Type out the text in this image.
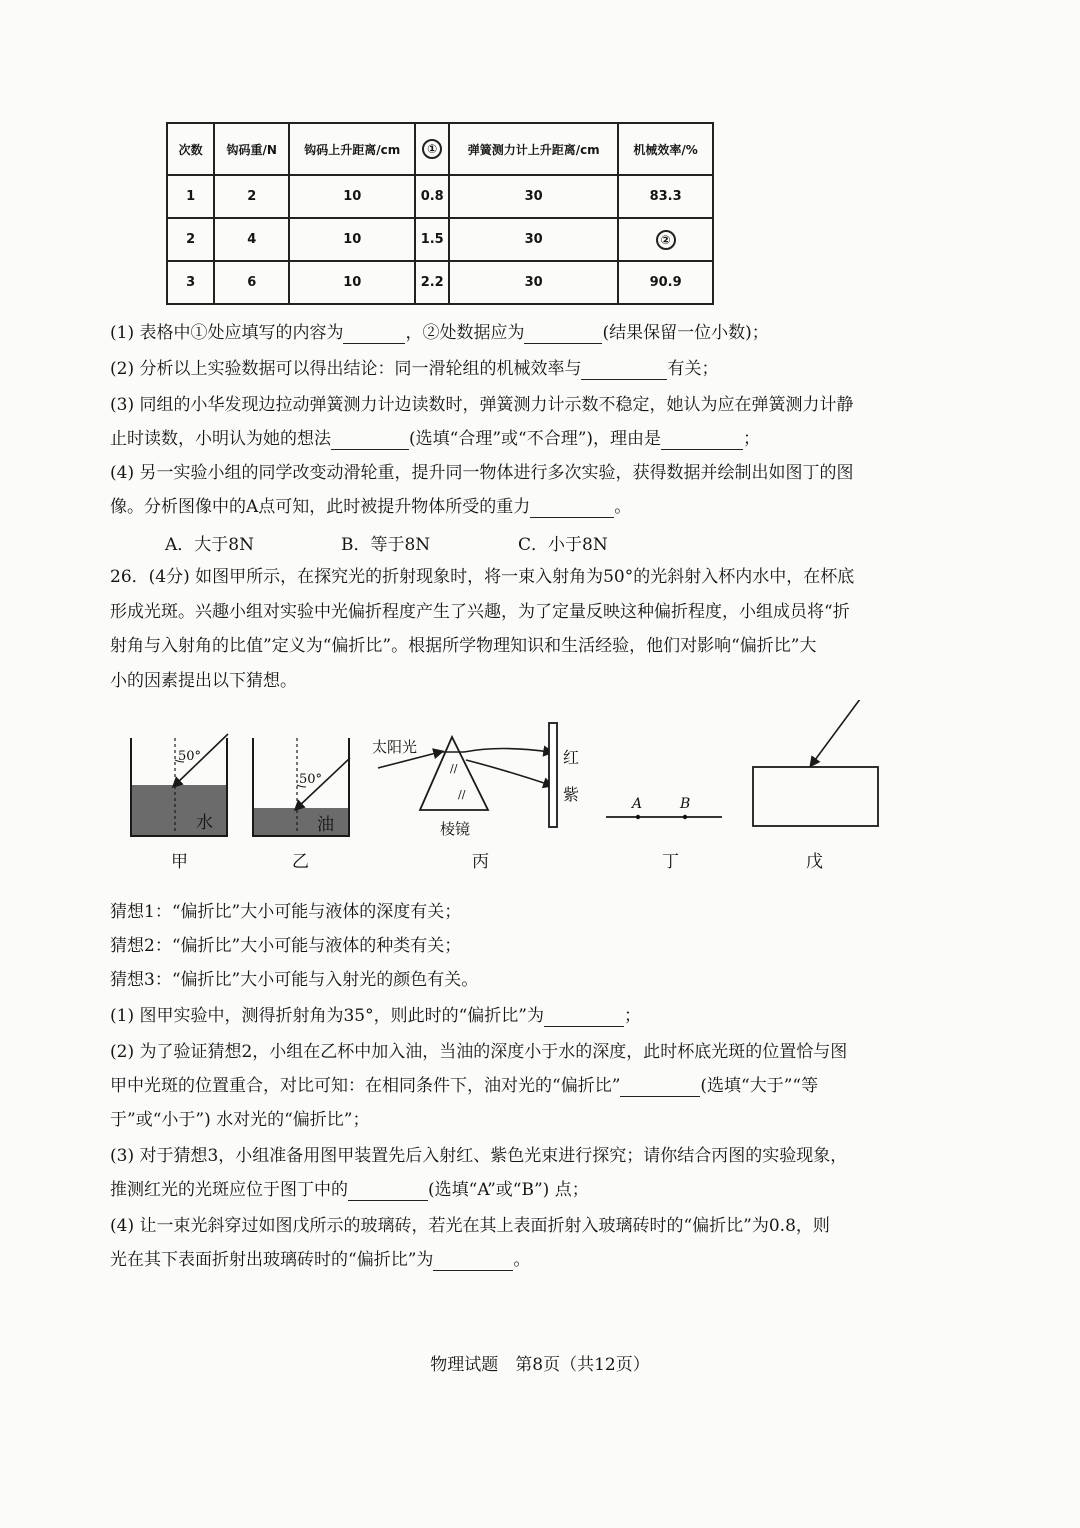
次数	钩码重/N	钩码上升距离/cm	①	弹簧测力计上升距离/cm	机械效率/%
1	2	10	0.8	30	83.3
2	4	10	1.5	30	②
3	6	10	2.2	30	90.9
(1) 表格中①处应填写的内容为	，②处数据应为	(结果保留一位小数)；
(2) 分析以上实验数据可以得出结论：同一滑轮组的机械效率与	有关；
(3) 同组的小华发现边拉动弹簧测力计边读数时，弹簧测力计示数不稳定，她认为应在弹簧测力计静
止时读数，小明认为她的想法	(选填“合理”或“不合理”)，理由是	；
(4) 另一实验小组的同学改变动滑轮重，提升同一物体进行多次实验，获得数据并绘制出如图丁的图
像。分析图像中的A点可知，此时被提升物体所受的重力	。
A．大于8N	B．等于8N	C．小于8N
26．(4分) 如图甲所示，在探究光的折射现象时，将一束入射角为50°的光斜射入杯内水中，在杯底
形成光斑。兴趣小组对实验中光偏折程度产生了兴趣，为了定量反映这种偏折程度，小组成员将“折
射角与入射角的比值”定义为“偏折比”。根据所学物理知识和生活经验，他们对影响“偏折比”大
小的因素提出以下猜想。
50°
水
甲
50°
油
乙
太阳光
//
//
红
紫
棱镜
丙
A	B
丁	戊
猜想1：“偏折比”大小可能与液体的深度有关；
猜想2：“偏折比”大小可能与液体的种类有关；
猜想3：“偏折比”大小可能与入射光的颜色有关。
(1) 图甲实验中，测得折射角为35°，则此时的“偏折比”为	；
(2) 为了验证猜想2，小组在乙杯中加入油，当油的深度小于水的深度，此时杯底光斑的位置恰与图
甲中光斑的位置重合，对比可知：在相同条件下，油对光的“偏折比”	(选填“大于”“等
于”或“小于”) 水对光的“偏折比”；
(3) 对于猜想3，小组准备用图甲装置先后入射红、紫色光束进行探究；请你结合丙图的实验现象，
推测红光的光斑应位于图丁中的	(选填“A”或“B”) 点；
(4) 让一束光斜穿过如图戊所示的玻璃砖，若光在其上表面折射入玻璃砖时的“偏折比”为0.8，则
光在其下表面折射出玻璃砖时的“偏折比”为	。
物理试题　第8页（共12页）
